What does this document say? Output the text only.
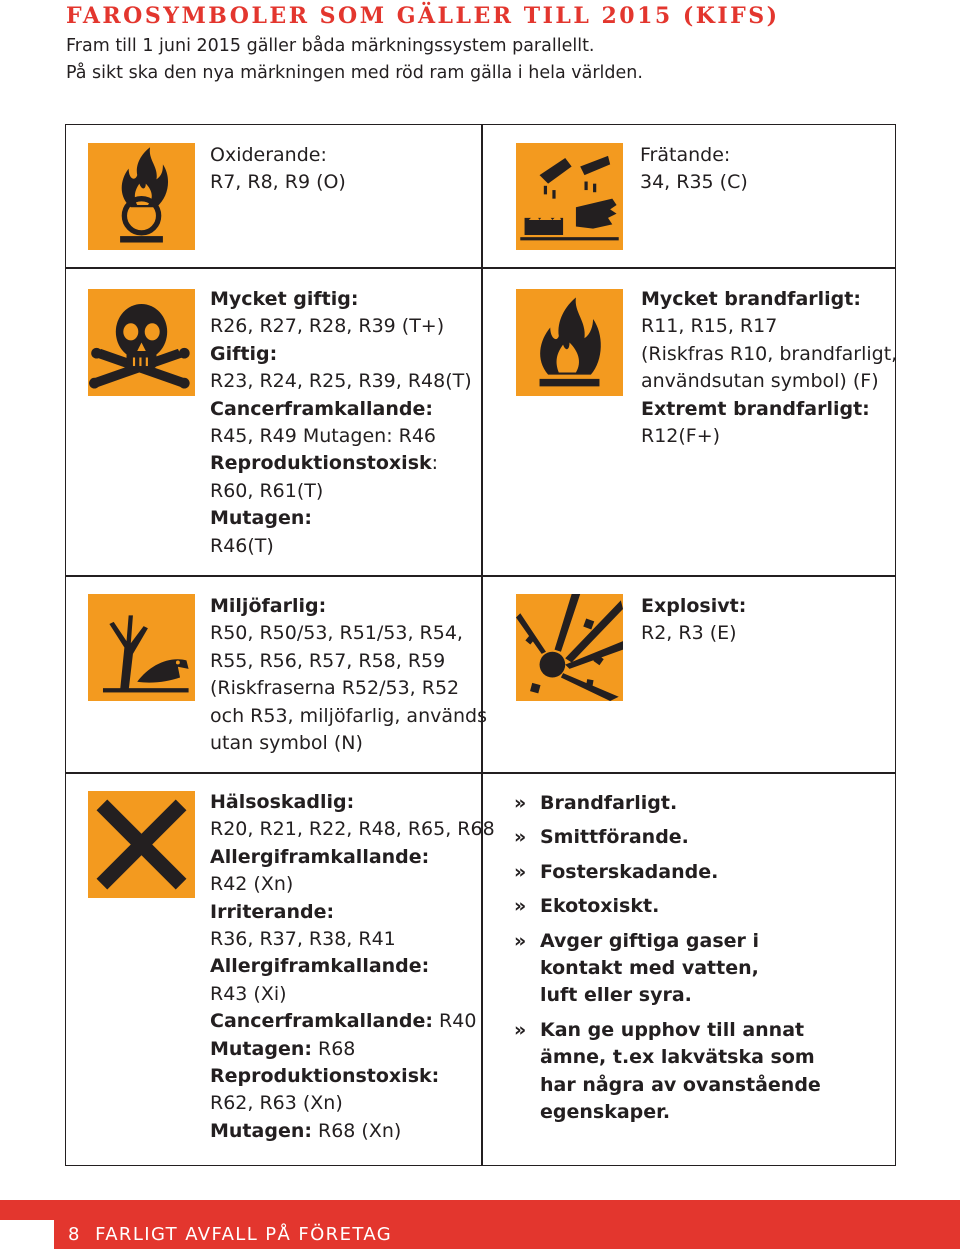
FAROSYMBOLER SOM GÄLLER TILL 2015 (KIFS)
Fram till 1 juni 2015 gäller båda märkningssystem parallellt.
På sikt ska den nya märkningen med röd ram gälla i hela världen.
Oxiderande:
R7, R8, R9 (O)
Frätande:
34, R35 (C)
Mycket giftig:
R26, R27, R28, R39 (T+)
Giftig:
R23, R24, R25, R39, R48(T)
Cancerframkallande:
R45, R49 Mutagen: R46
Reproduktionstoxisk:
R60, R61(T)
Mutagen:
R46(T)
Mycket brandfarligt:
R11, R15, R17
(Riskfras R10, brandfarligt,
användsutan symbol) (F)
Extremt brandfarligt:
R12(F+)
Miljöfarlig:
R50, R50/53, R51/53, R54,
R55, R56, R57, R58, R59
(Riskfraserna R52/53, R52
och R53, miljöfarlig, används
utan symbol (N)
Explosivt:
R2, R3 (E)
Hälsoskadlig:
R20, R21, R22, R48, R65, R68
Allergiframkallande:
R42 (Xn)
Irriterande:
R36, R37, R38, R41
Allergiframkallande:
R43 (Xi)
Cancerframkallande: R40
Mutagen: R68
Reproduktionstoxisk:
R62, R63 (Xn)
Mutagen: R68 (Xn)
» Brandfarligt.
» Smittförande.
» Fosterskadande.
» Ekotoxiskt.
» Avger giftiga gaser i
kontakt med vatten,
luft eller syra.
» Kan ge upphov till annat
ämne, t.ex lakvätska som
har några av ovanstående
egenskaper.
8 FARLIGT AVFALL PÅ FÖRETAG
